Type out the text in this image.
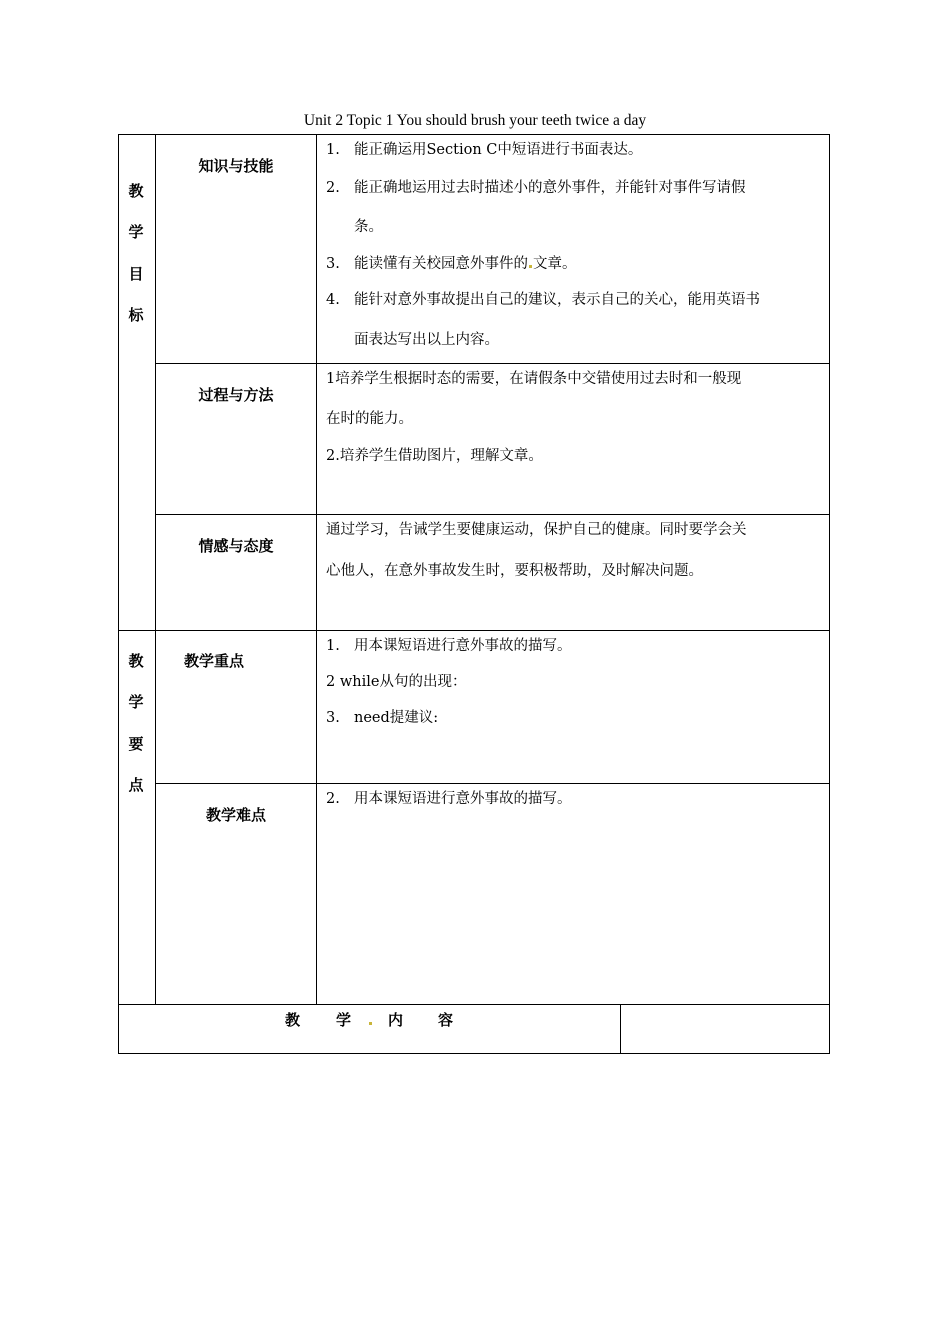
Unit 2 Topic 1 You should brush your teeth twice a day
教
学
目
标
教
学
要
点
知识与技能
1. 能正确运用Section C中短语进行书面表达。
2. 能正确地运用过去时描述小的意外事件，并能针对事件写请假
条。
3. 能读懂有关校园意外事件的 文章。
4. 能针对意外事故提出自己的建议，表示自己的关心，能用英语书
面表达写出以上内容。
过程与方法
1培养学生根据时态的需要，在请假条中交错使用过去时和一般现
在时的能力。
2.培养学生借助图片，理解文章。
情感与态度
通过学习，告诫学生要健康运动，保护自己的健康。同时要学会关
心他人，在意外事故发生时，要积极帮助，及时解决问题。
教学重点
1. 用本课短语进行意外事故的描写。
2 while从句的出现：
3. need提建议:
教学难点
2. 用本课短语进行意外事故的描写。
教 学 内 容
